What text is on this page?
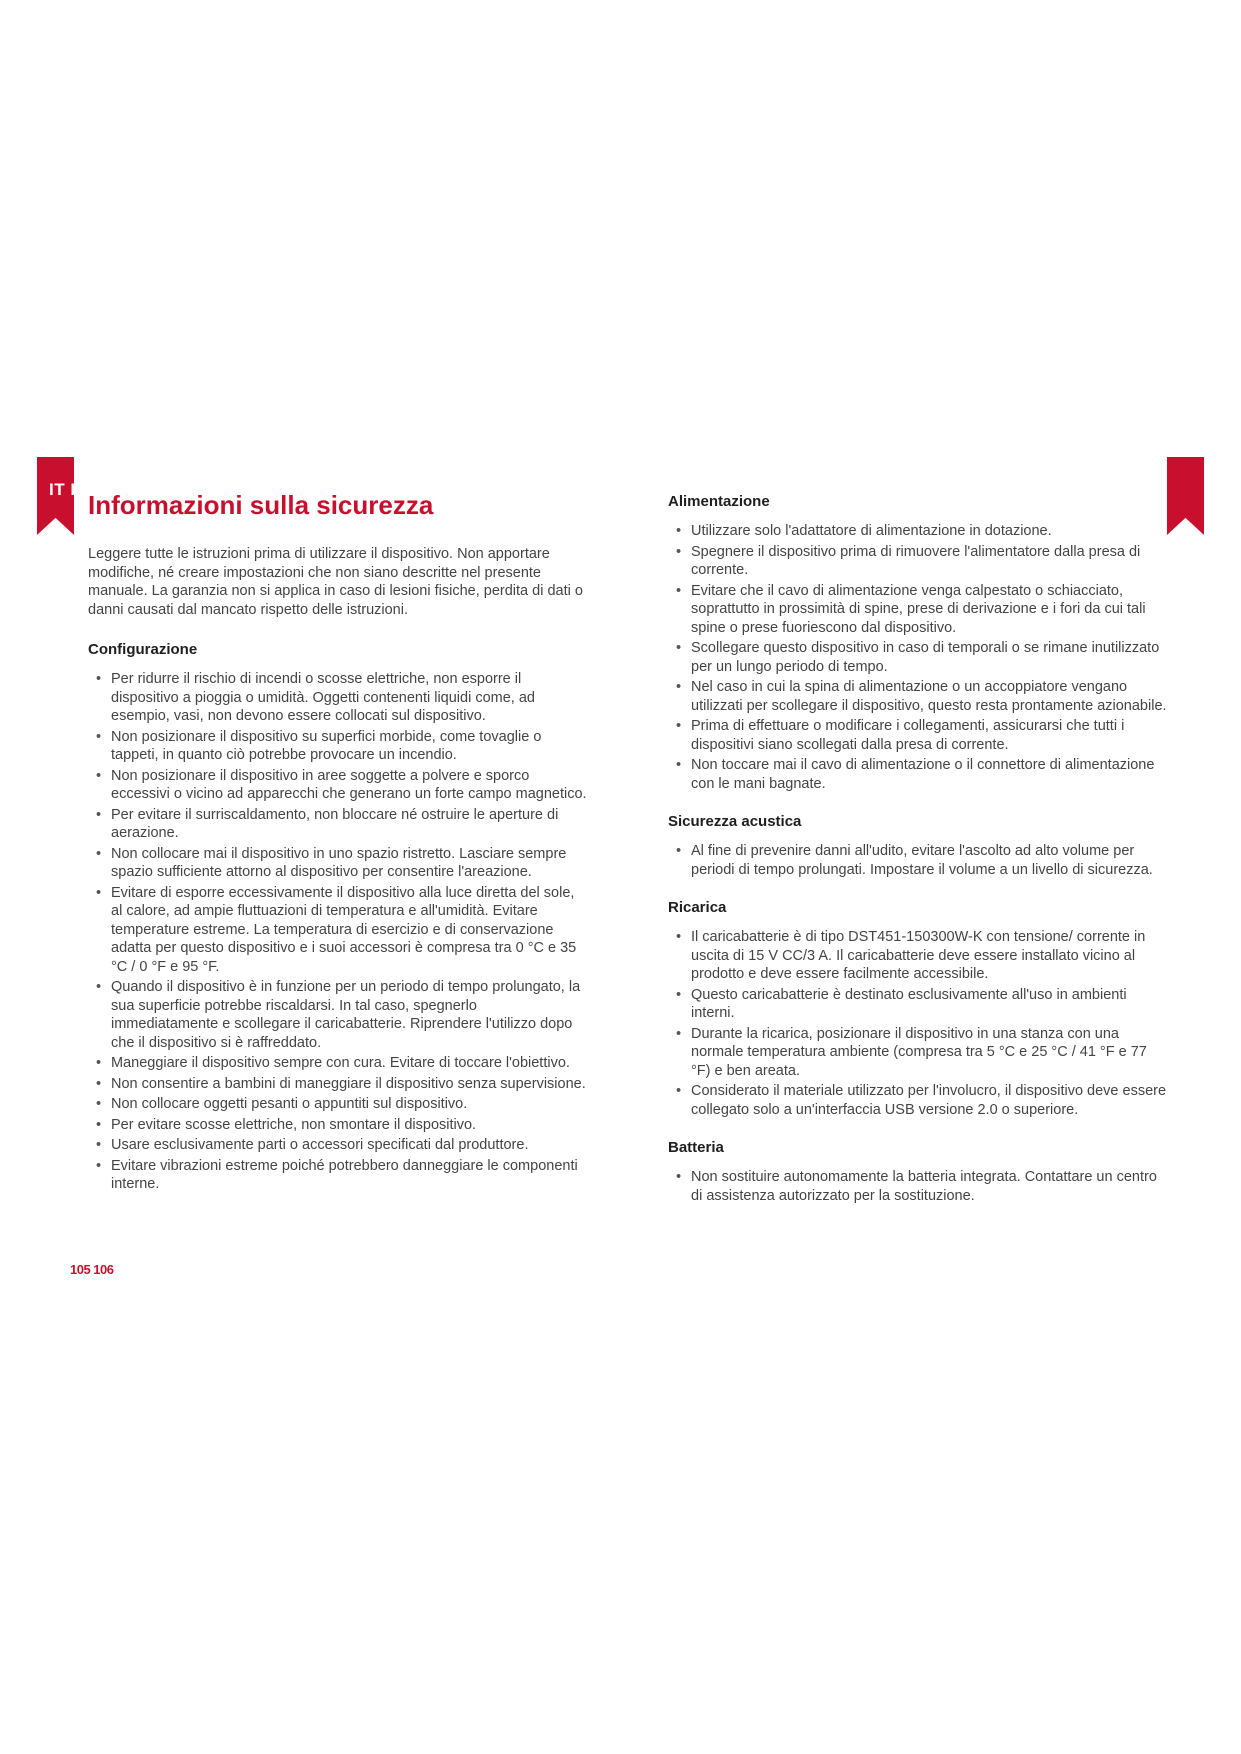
IT I
Informazioni sulla sicurezza

Leggere tutte le istruzioni prima di utilizzare il dispositivo. Non apportare modifiche, né creare impostazioni che non siano descritte nel presente manuale. La garanzia non si applica in caso di lesioni fisiche, perdita di dati o danni causati dal mancato rispetto delle istruzioni.

Configurazione
• Per ridurre il rischio di incendi o scosse elettriche, non esporre il dispositivo a pioggia o umidità. Oggetti contenenti liquidi come, ad esempio, vasi, non devono essere collocati sul dispositivo.
• Non posizionare il dispositivo su superfici morbide, come tovaglie o tappeti, in quanto ciò potrebbe provocare un incendio.
• Non posizionare il dispositivo in aree soggette a polvere e sporco eccessivi o vicino ad apparecchi che generano un forte campo magnetico.
• Per evitare il surriscaldamento, non bloccare né ostruire le aperture di aerazione.
• Non collocare mai il dispositivo in uno spazio ristretto. Lasciare sempre spazio sufficiente attorno al dispositivo per consentire l'areazione.
• Evitare di esporre eccessivamente il dispositivo alla luce diretta del sole, al calore, ad ampie fluttuazioni di temperatura e all'umidità. Evitare temperature estreme. La temperatura di esercizio e di conservazione adatta per questo dispositivo e i suoi accessori è compresa tra 0 °C e 35 °C / 0 °F e 95 °F.
• Quando il dispositivo è in funzione per un periodo di tempo prolungato, la sua superficie potrebbe riscaldarsi. In tal caso, spegnerlo immediatamente e scollegare il caricabatterie. Riprendere l'utilizzo dopo che il dispositivo si è raffreddato.
• Maneggiare il dispositivo sempre con cura. Evitare di toccare l'obiettivo.
• Non consentire a bambini di maneggiare il dispositivo senza supervisione.
• Non collocare oggetti pesanti o appuntiti sul dispositivo.
• Per evitare scosse elettriche, non smontare il dispositivo.
• Usare esclusivamente parti o accessori specificati dal produttore.
• Evitare vibrazioni estreme poiché potrebbero danneggiare le componenti interne.
Alimentazione
• Utilizzare solo l'adattatore di alimentazione in dotazione.
• Spegnere il dispositivo prima di rimuovere l'alimentatore dalla presa di corrente.
• Evitare che il cavo di alimentazione venga calpestato o schiacciato, soprattutto in prossimità di spine, prese di derivazione e i fori da cui tali spine o prese fuoriescono dal dispositivo.
• Scollegare questo dispositivo in caso di temporali o se rimane inutilizzato per un lungo periodo di tempo.
• Nel caso in cui la spina di alimentazione o un accoppiatore vengano utilizzati per scollegare il dispositivo, questo resta prontamente azionabile.
• Prima di effettuare o modificare i collegamenti, assicurarsi che tutti i dispositivi siano scollegati dalla presa di corrente.
• Non toccare mai il cavo di alimentazione o il connettore di alimentazione con le mani bagnate.
Sicurezza acustica
• Al fine di prevenire danni all'udito, evitare l'ascolto ad alto volume per periodi di tempo prolungati. Impostare il volume a un livello di sicurezza.
Ricarica
• Il caricabatterie è di tipo DST451-150300W-K con tensione/ corrente in uscita di 15 V CC/3 A. Il caricabatterie deve essere installato vicino al prodotto e deve essere facilmente accessibile.
• Questo caricabatterie è destinato esclusivamente all'uso in ambienti interni.
• Durante la ricarica, posizionare il dispositivo in una stanza con una normale temperatura ambiente (compresa tra 5 °C e 25 °C / 41 °F e 77 °F) e ben areata.
• Considerato il materiale utilizzato per l'involucro, il dispositivo deve essere collegato solo a un'interfaccia USB versione 2.0 o superiore.
Batteria
• Non sostituire autonomamente la batteria integrata. Contattare un centro di assistenza autorizzato per la sostituzione.
105 106
